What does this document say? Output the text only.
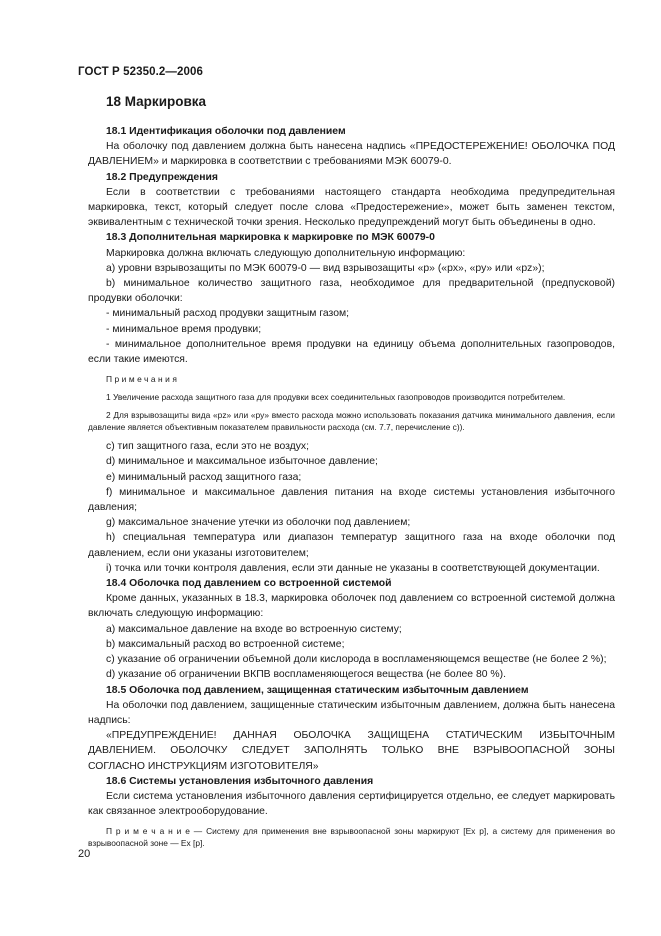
ГОСТ Р 52350.2—2006
18 Маркировка

18.1 Идентификация оболочки под давлением

На оболочку под давлением должна быть нанесена надпись «ПРЕДОСТЕРЕЖЕНИЕ! ОБОЛОЧКА ПОД ДАВЛЕНИЕМ» и маркировка в соответствии с требованиями МЭК 60079-0.

18.2 Предупреждения

Если в соответствии с требованиями настоящего стандарта необходима предупредительная маркировка, текст, который следует после слова «Предостережение», может быть заменен текстом, эквивалентным с технической точки зрения. Несколько предупреждений могут быть объединены в одно.

18.3 Дополнительная маркировка к маркировке по МЭК 60079-0

Маркировка должна включать следующую дополнительную информацию:

a) уровни взрывозащиты по МЭК 60079-0 — вид взрывозащиты «р» («px», «py» или «pz»);

b) минимальное количество защитного газа, необходимое для предварительной (предпусковой) продувки оболочки:

- минимальный расход продувки защитным газом;

- минимальное время продувки;

- минимальное дополнительное время продувки на единицу объема дополнительных газопроводов, если такие имеются.

Примечания

1 Увеличение расхода защитного газа для продувки всех соединительных газопроводов производится потребителем.

2 Для взрывозащиты вида «pz» или «py» вместо расхода можно использовать показания датчика минимального давления, если давление является объективным показателем правильности расхода (см. 7.7, перечисление с)).

с) тип защитного газа, если это не воздух;

d) минимальное и максимальное избыточное давление;

е) минимальный расход защитного газа;

f) минимальное и максимальное давления питания на входе системы установления избыточного давления;

g) максимальное значение утечки из оболочки под давлением;

h) специальная температура или диапазон температур защитного газа на входе оболочки под давлением, если они указаны изготовителем;

i) точка или точки контроля давления, если эти данные не указаны в соответствующей документации.

18.4 Оболочка под давлением со встроенной системой

Кроме данных, указанных в 18.3, маркировка оболочек под давлением со встроенной системой должна включать следующую информацию:

a) максимальное давление на входе во встроенную систему;

b) максимальный расход во встроенной системе;

с) указание об ограничении объемной доли кислорода в воспламеняющемся веществе (не более 2 %);

d) указание об ограничении ВКПВ воспламеняющегося вещества (не более 80 %).

18.5 Оболочка под давлением, защищенная статическим избыточным давлением

На оболочки под давлением, защищенные статическим избыточным давлением, должна быть нанесена надпись:

«ПРЕДУПРЕЖДЕНИЕ! ДАННАЯ ОБОЛОЧКА ЗАЩИЩЕНА СТАТИЧЕСКИМ ИЗБЫТОЧНЫМ ДАВЛЕНИЕМ. ОБОЛОЧКУ СЛЕДУЕТ ЗАПОЛНЯТЬ ТОЛЬКО ВНЕ ВЗРЫВООПАСНОЙ ЗОНЫ

СОГЛАСНО ИНСТРУКЦИЯМ ИЗГОТОВИТЕЛЯ»

18.6 Системы установления избыточного давления

Если система установления избыточного давления сертифицируется отдельно, ее следует маркировать как связанное электрооборудование.

П р и м е ч а н и е — Систему для применения вне взрывоопасной зоны маркируют [Ex p], а систему для применения во взрывоопасной зоне — Ex [p].

20
